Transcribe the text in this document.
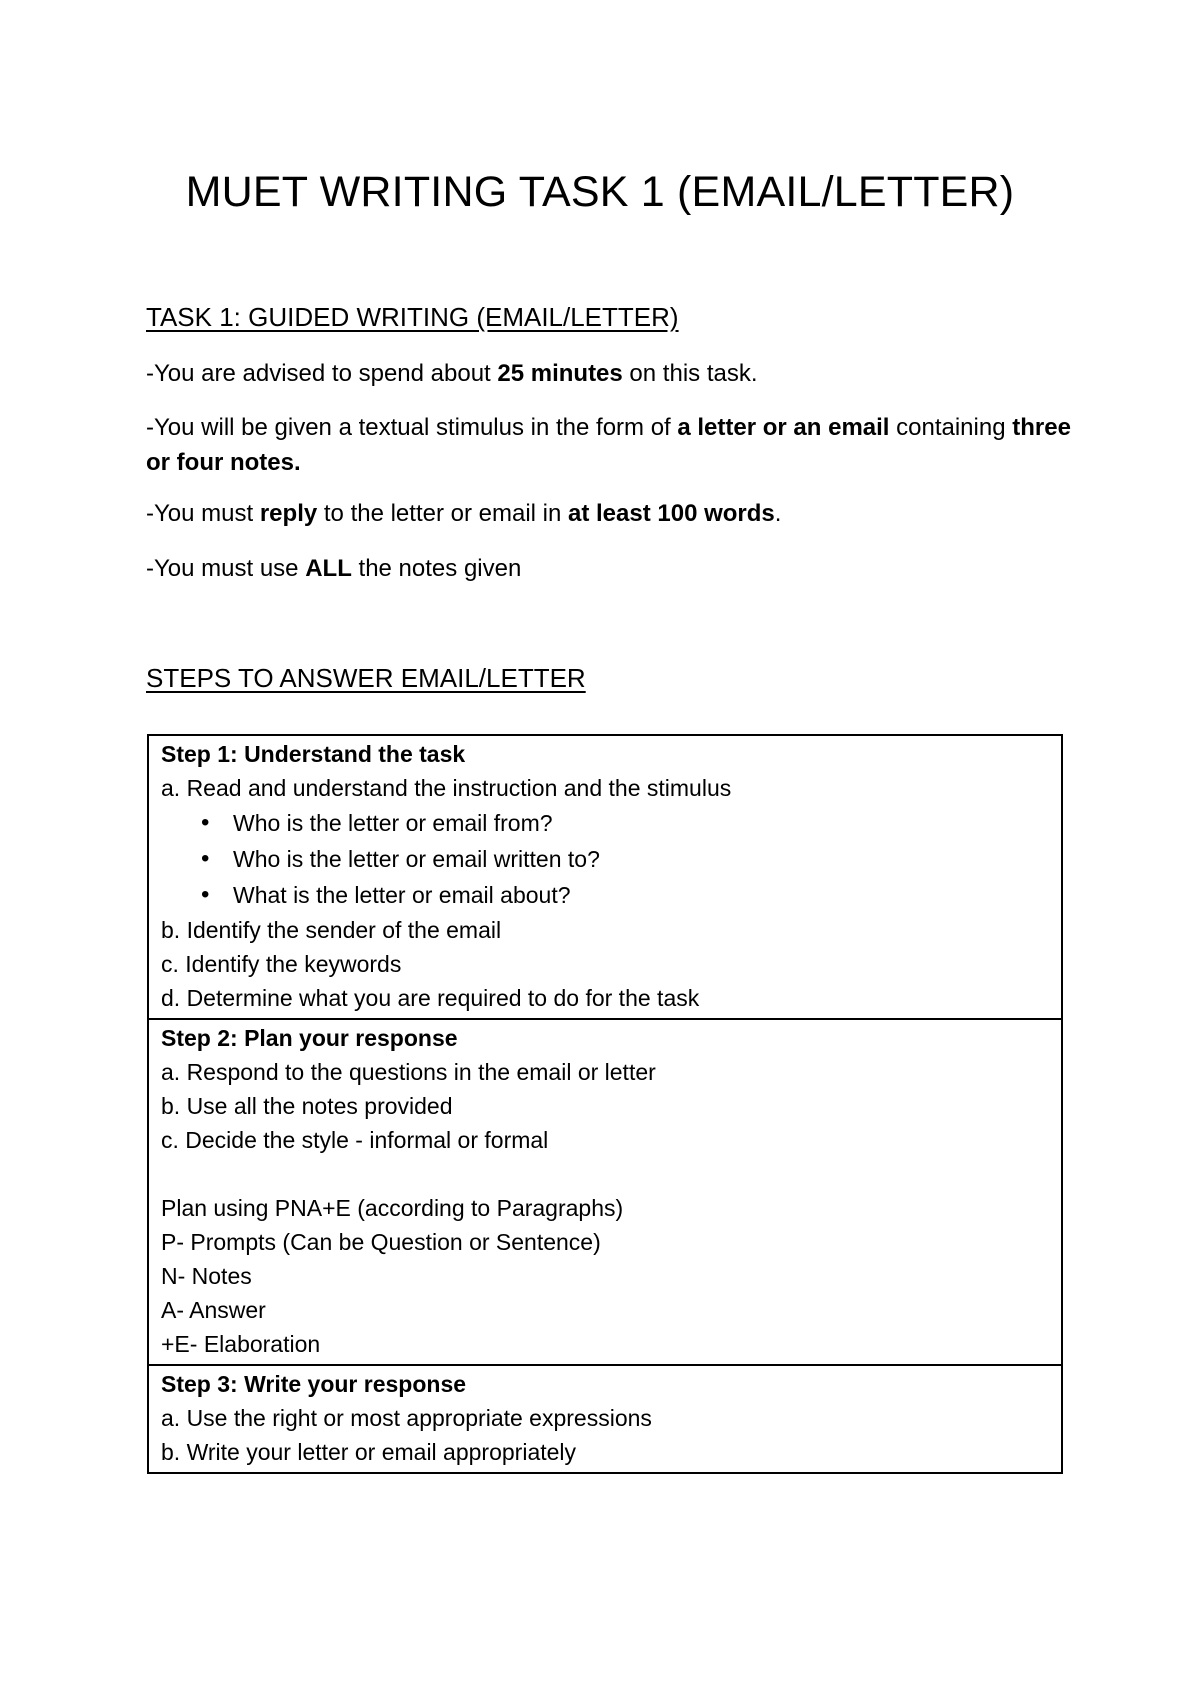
MUET WRITING TASK 1 (EMAIL/LETTER)
TASK 1: GUIDED WRITING (EMAIL/LETTER)

-You are advised to spend about 25 minutes on this task.

-You will be given a textual stimulus in the form of a letter or an email containing three or four notes.

-You must reply to the letter or email in at least 100 words.

-You must use ALL the notes given

STEPS TO ANSWER EMAIL/LETTER
Step 1: Understand the task
a. Read and understand the instruction and the stimulus
• Who is the letter or email from?
• Who is the letter or email written to?
• What is the letter or email about?
b. Identify the sender of the email
c. Identify the keywords
d. Determine what you are required to do for the task

Step 2: Plan your response
a. Respond to the questions in the email or letter
b. Use all the notes provided
c. Decide the style - informal or formal
Plan using PNA+E (according to Paragraphs)
P- Prompts (Can be Question or Sentence)
N- Notes
A- Answer
+E- Elaboration

Step 3: Write your response
a. Use the right or most appropriate expressions
b. Write your letter or email appropriately
